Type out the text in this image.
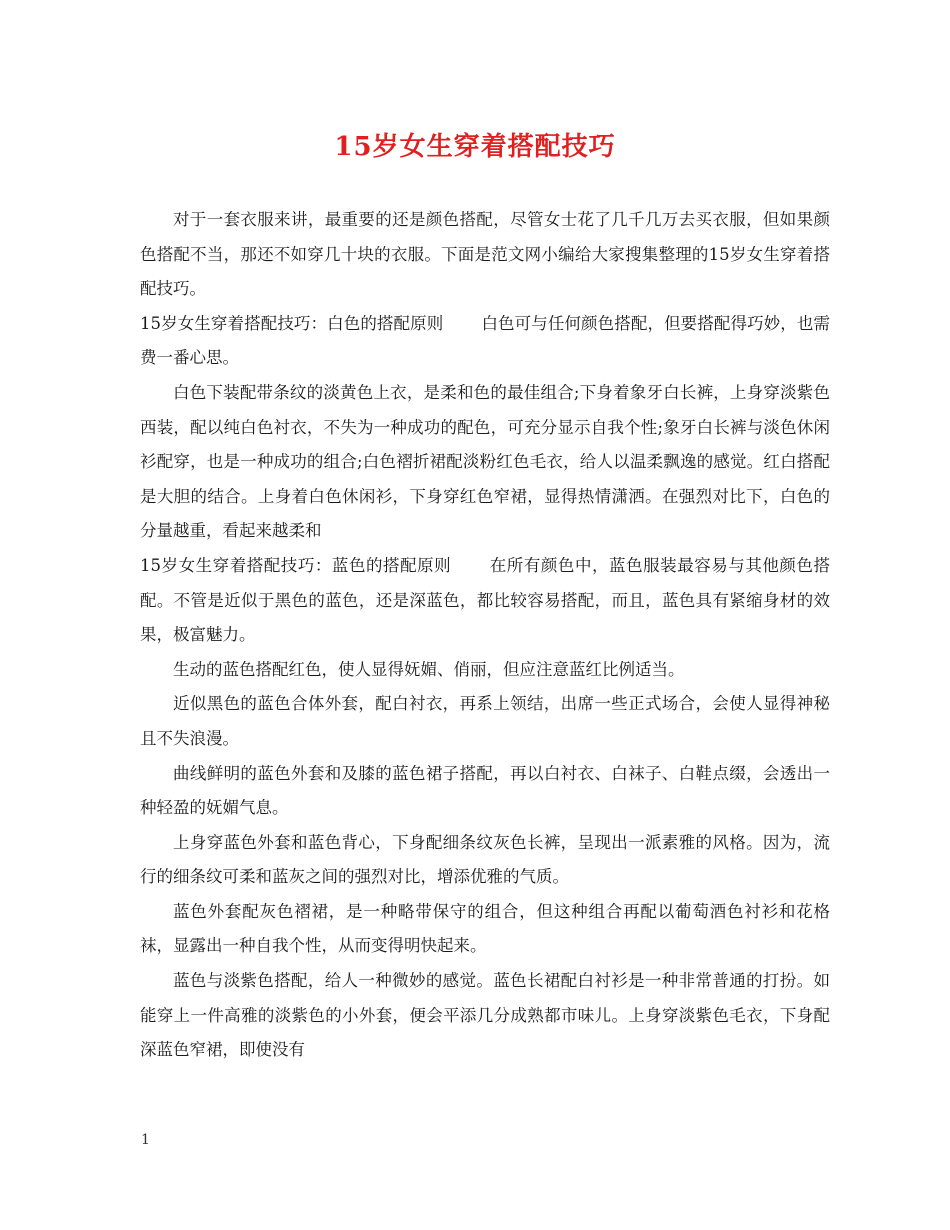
15岁女生穿着搭配技巧

对于一套衣服来讲，最重要的还是颜色搭配，尽管女士花了几千几万去买衣服，但如果颜色搭配不当，那还不如穿几十块的衣服。下面是范文网小编给大家搜集整理的15岁女生穿着搭配技巧。

15岁女生穿着搭配技巧：白色的搭配原则 白色可与任何颜色搭配，但要搭配得巧妙，也需费一番心思。

白色下装配带条纹的淡黄色上衣，是柔和色的最佳组合;下身着象牙白长裤，上身穿淡紫色西装，配以纯白色衬衣，不失为一种成功的配色，可充分显示自我个性;象牙白长裤与淡色休闲衫配穿，也是一种成功的组合;白色褶折裙配淡粉红色毛衣，给人以温柔飘逸的感觉。红白搭配是大胆的结合。上身着白色休闲衫，下身穿红色窄裙，显得热情潇洒。在强烈对比下，白色的分量越重，看起来越柔和

15岁女生穿着搭配技巧：蓝色的搭配原则 在所有颜色中，蓝色服装最容易与其他颜色搭配。不管是近似于黑色的蓝色，还是深蓝色，都比较容易搭配，而且，蓝色具有紧缩身材的效果，极富魅力。

生动的蓝色搭配红色，使人显得妩媚、俏丽，但应注意蓝红比例适当。

近似黑色的蓝色合体外套，配白衬衣，再系上领结，出席一些正式场合，会使人显得神秘且不失浪漫。

曲线鲜明的蓝色外套和及膝的蓝色裙子搭配，再以白衬衣、白袜子、白鞋点缀，会透出一种轻盈的妩媚气息。

上身穿蓝色外套和蓝色背心，下身配细条纹灰色长裤，呈现出一派素雅的风格。因为，流行的细条纹可柔和蓝灰之间的强烈对比，增添优雅的气质。

蓝色外套配灰色褶裙，是一种略带保守的组合，但这种组合再配以葡萄酒色衬衫和花格袜，显露出一种自我个性，从而变得明快起来。

蓝色与淡紫色搭配，给人一种微妙的感觉。蓝色长裙配白衬衫是一种非常普通的打扮。如能穿上一件高雅的淡紫色的小外套，便会平添几分成熟都市味儿。上身穿淡紫色毛衣，下身配深蓝色窄裙，即使没有

1
